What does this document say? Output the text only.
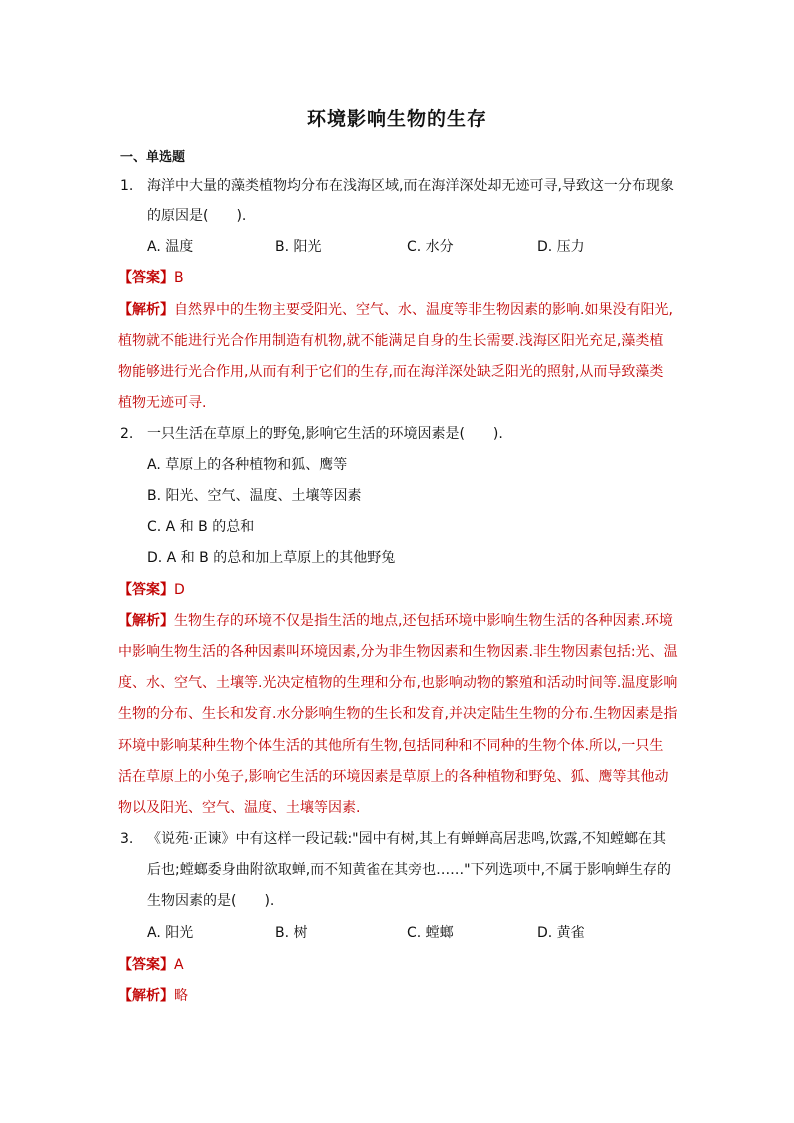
环境影响生物的生存
一、单选题
1. 海洋中大量的藻类植物均分布在浅海区域,而在海洋深处却无迹可寻,导致这一分布现象
的原因是(　　).
A. 温度	B. 阳光	C. 水分	D. 压力
【答案】B
【解析】自然界中的生物主要受阳光、空气、水、温度等非生物因素的影响.如果没有阳光,
植物就不能进行光合作用制造有机物,就不能满足自身的生长需要.浅海区阳光充足,藻类植
物能够进行光合作用,从而有利于它们的生存,而在海洋深处缺乏阳光的照射,从而导致藻类
植物无迹可寻.
2. 一只生活在草原上的野兔,影响它生活的环境因素是(　　).
A. 草原上的各种植物和狐、鹰等
B. 阳光、空气、温度、土壤等因素
C. A 和 B 的总和
D. A 和 B 的总和加上草原上的其他野兔
【答案】D
【解析】生物生存的环境不仅是指生活的地点,还包括环境中影响生物生活的各种因素.环境
中影响生物生活的各种因素叫环境因素,分为非生物因素和生物因素.非生物因素包括:光、温
度、水、空气、土壤等.光决定植物的生理和分布,也影响动物的繁殖和活动时间等.温度影响
生物的分布、生长和发育.水分影响生物的生长和发育,并决定陆生生物的分布.生物因素是指
环境中影响某种生物个体生活的其他所有生物,包括同种和不同种的生物个体.所以,一只生
活在草原上的小兔子,影响它生活的环境因素是草原上的各种植物和野兔、狐、鹰等其他动
物以及阳光、空气、温度、土壤等因素.
3. 《说苑·正谏》中有这样一段记载:"园中有树,其上有蝉蝉高居悲鸣,饮露,不知螳螂在其
后也;螳螂委身曲附欲取蝉,而不知黄雀在其旁也……"下列选项中,不属于影响蝉生存的
生物因素的是(　　).
A. 阳光	B. 树	C. 螳螂	D. 黄雀
【答案】A
【解析】略
